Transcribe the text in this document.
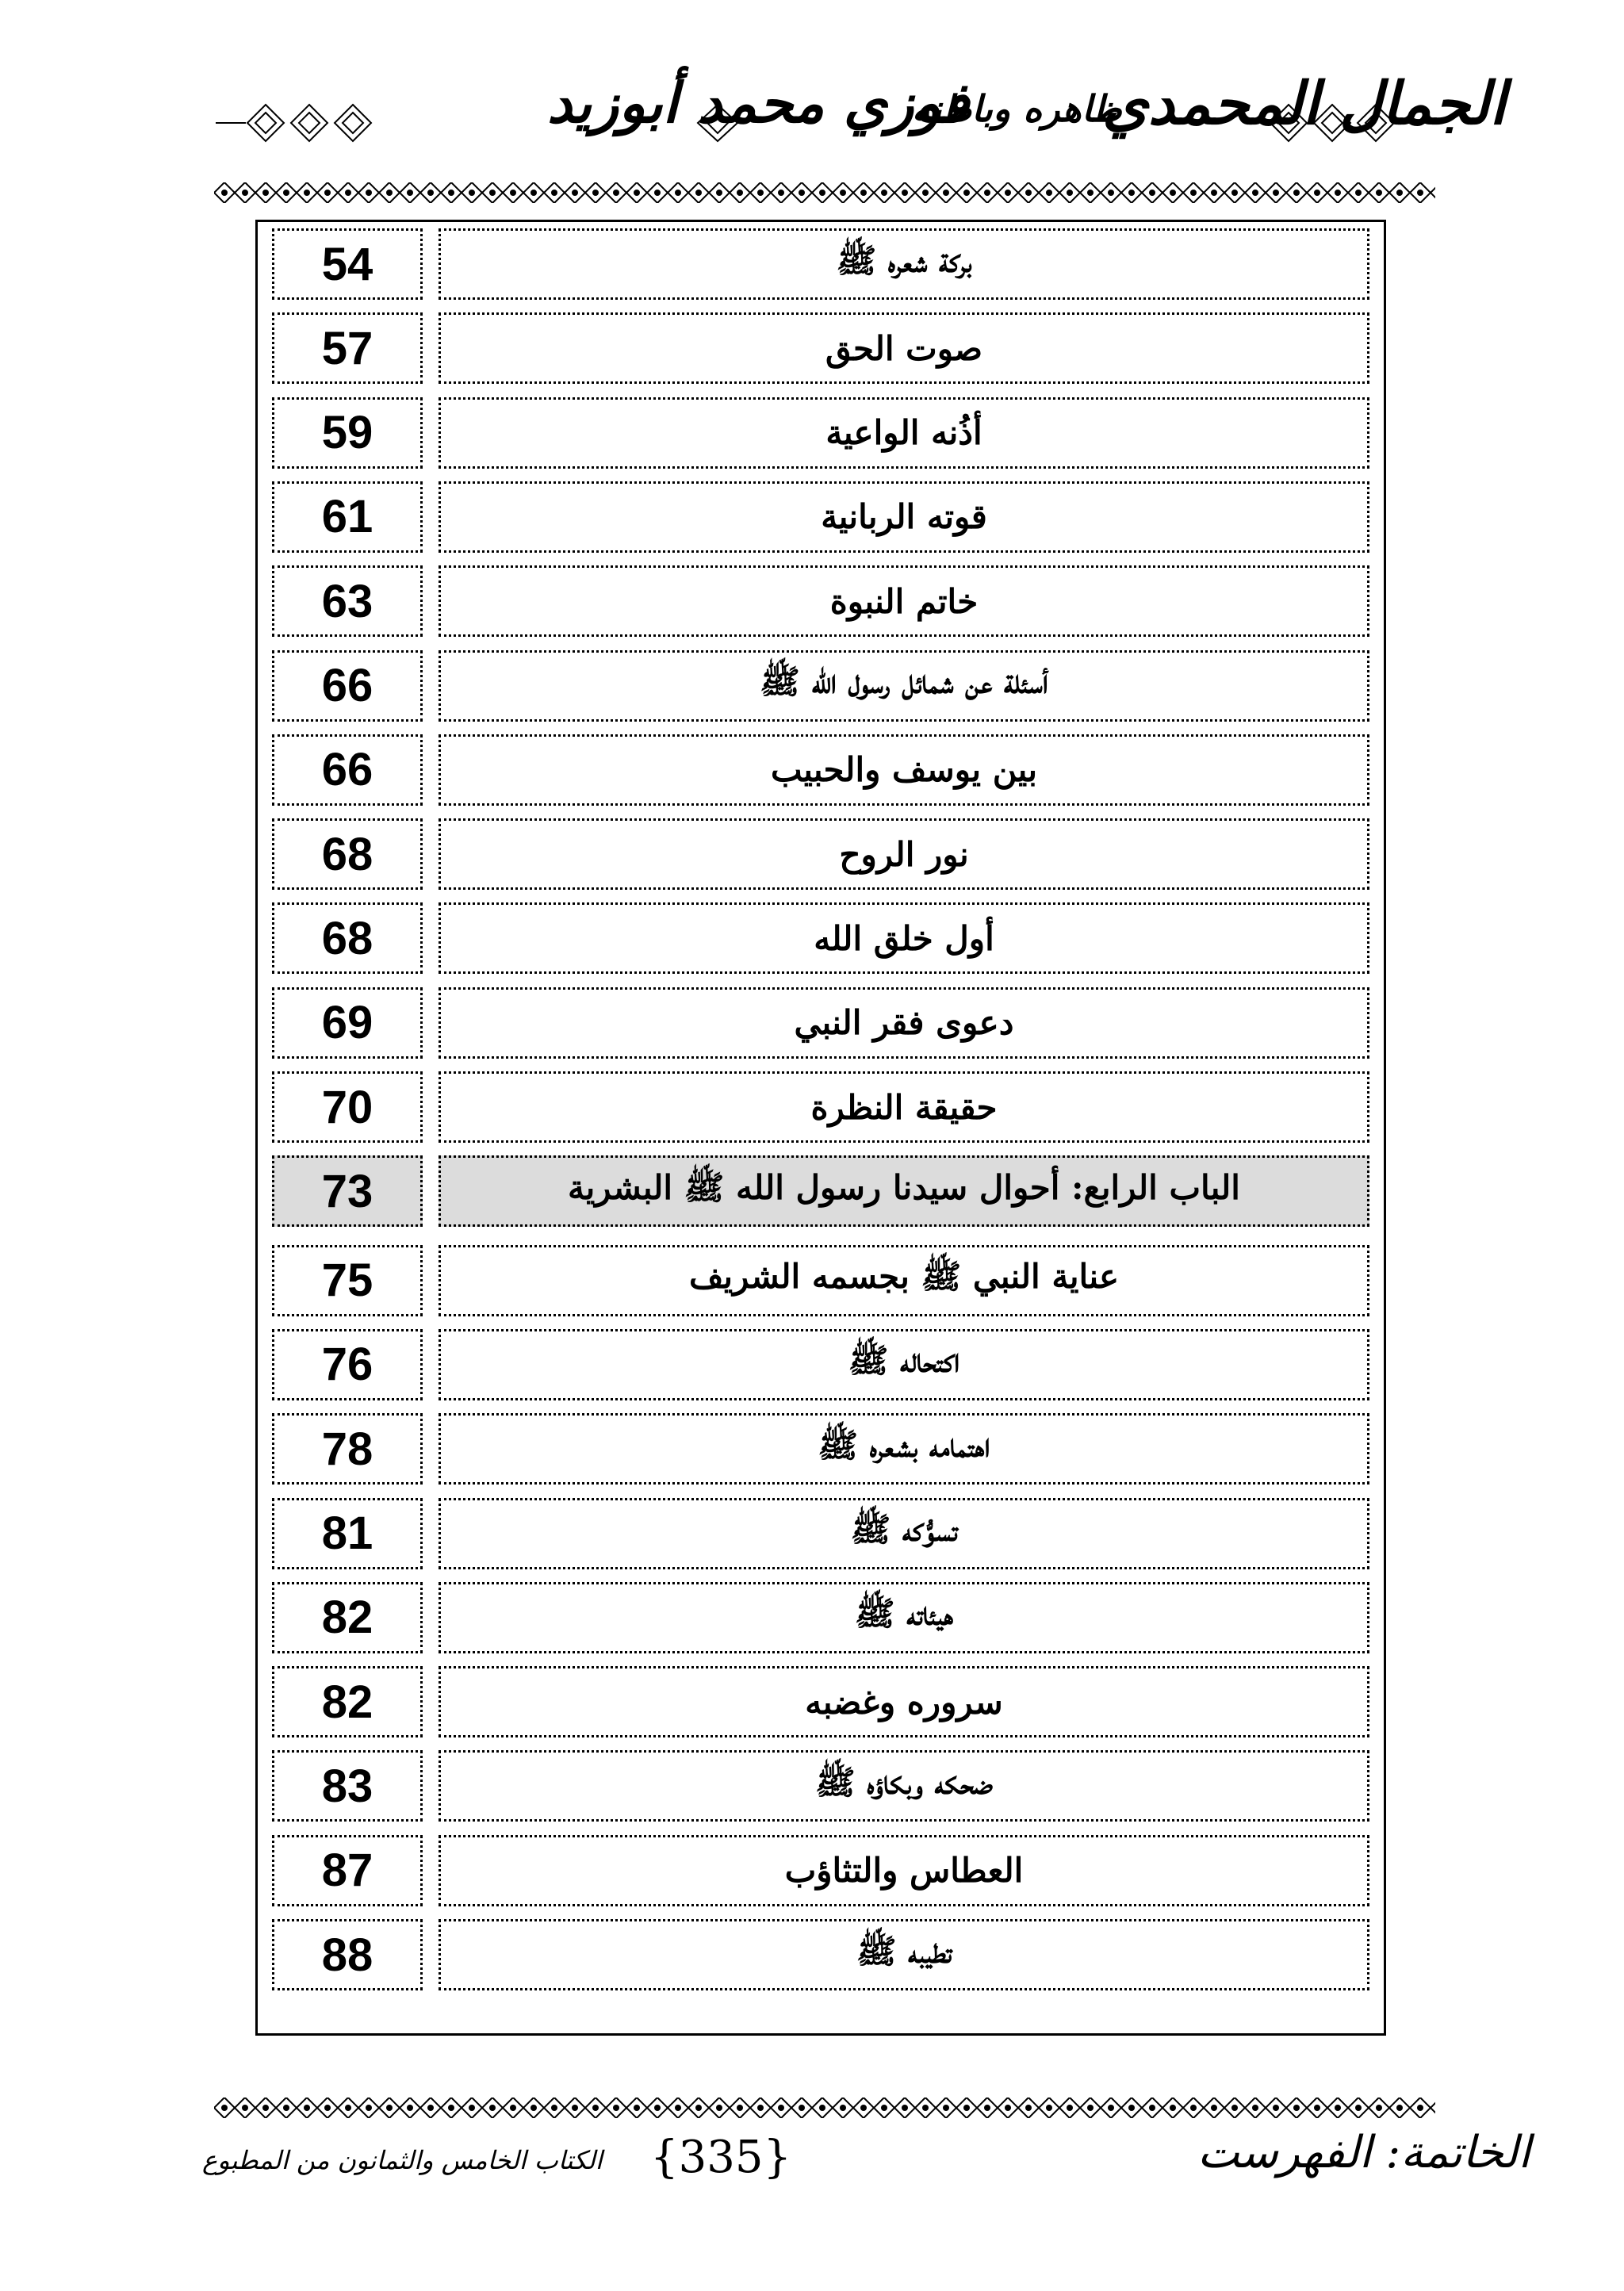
الجمال المحمدي
ظاهره وباطنه
فوزي محمد أبوزيد
54	بركة شعره ﷺ
57	صوت الحق
59	أذُنه الواعية
61	قوته الربانية
63	خاتم النبوة
66	أسئلة عن شمائل رسول الله ﷺ
66	بين يوسف والحبيب
68	نور الروح
68	أول خلق الله
69	دعوى فقر النبي
70	حقيقة النظرة
73	الباب الرابع: أحوال سيدنا رسول الله ﷺ البشرية
75	عناية النبي ﷺ بجسمه الشريف
76	اكتحاله ﷺ
78	اهتمامه بشعره ﷺ
81	تسوُّكه ﷺ
82	هيئاته ﷺ
82	سروره وغضبه
83	ضحكه وبكاؤه ﷺ
87	العطاس والتثاؤب
88	تطيبه ﷺ
الكتاب الخامس والثمانون من المطبوع {335}	الخاتمة: الفهرست
